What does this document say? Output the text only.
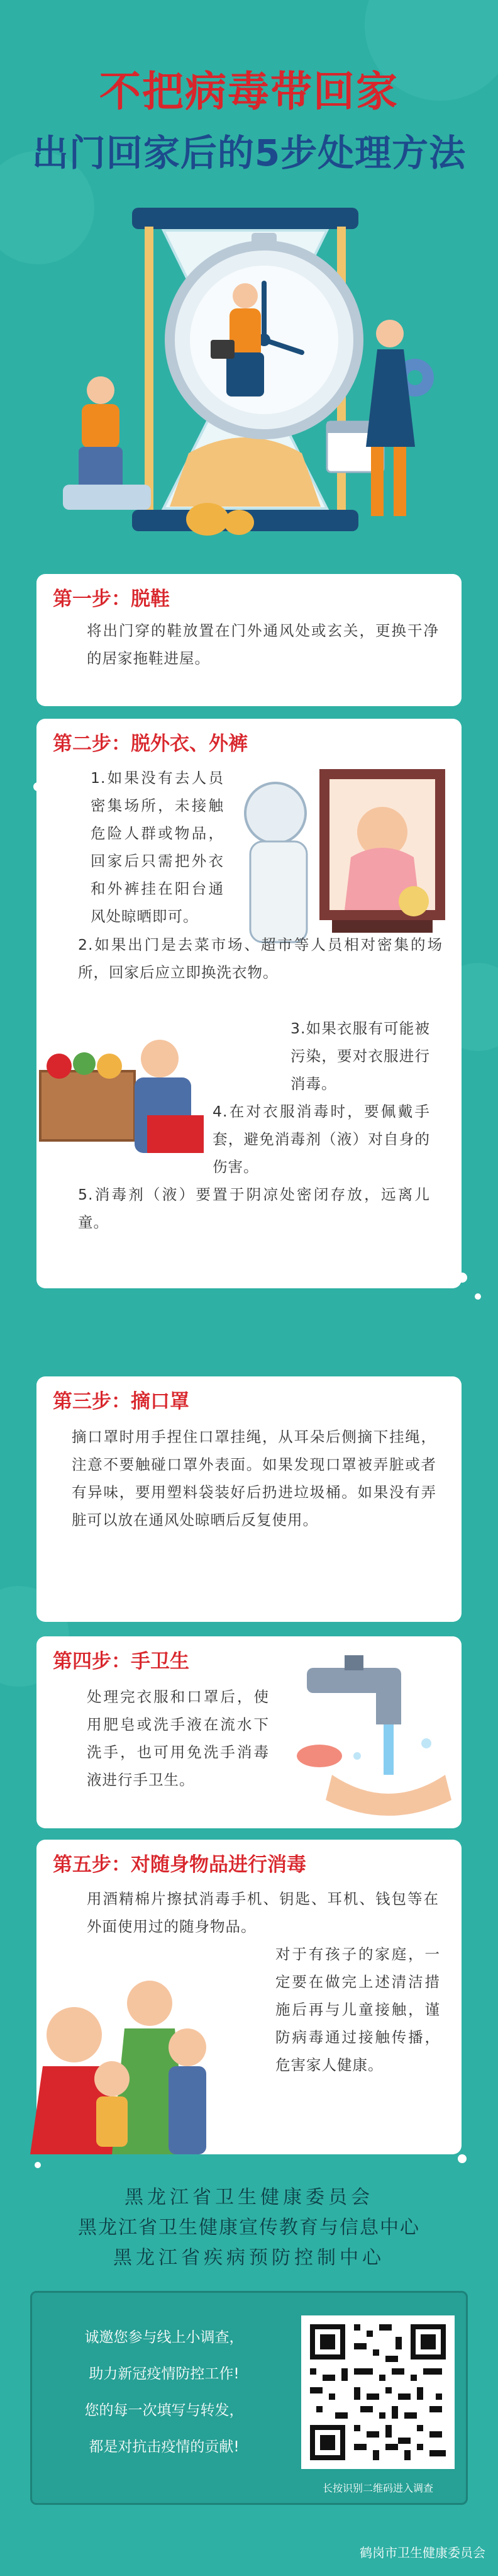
不把病毒带回家
出门回家后的5步处理方法
第一步：脱鞋
将出门穿的鞋放置在门外通风处或玄关，更换干净的居家拖鞋进屋。
第二步：脱外衣、外裤
1.如果没有去人员密集场所，未接触危险人群或物品，回家后只需把外衣和外裤挂在阳台通风处晾晒即可。
2.如果出门是去菜市场、超市等人员相对密集的场所，回家后应立即换洗衣物。
3.如果衣服有可能被污染，要对衣服进行消毒。
4.在对衣服消毒时，要佩戴手套，避免消毒剂（液）对自身的伤害。
5.消毒剂（液）要置于阴凉处密闭存放，远离儿童。
第三步：摘口罩
摘口罩时用手捏住口罩挂绳，从耳朵后侧摘下挂绳，注意不要触碰口罩外表面。如果发现口罩被弄脏或者有异味，要用塑料袋装好后扔进垃圾桶。如果没有弄脏可以放在通风处晾晒后反复使用。
第四步：手卫生
处理完衣服和口罩后，使用肥皂或洗手液在流水下洗手，也可用免洗手消毒液进行手卫生。
第五步：对随身物品进行消毒
用酒精棉片擦拭消毒手机、钥匙、耳机、钱包等在外面使用过的随身物品。
对于有孩子的家庭，一定要在做完上述清洁措施后再与儿童接触，谨防病毒通过接触传播，危害家人健康。
黑龙江省卫生健康委员会
黑龙江省卫生健康宣传教育与信息中心
黑龙江省疾病预防控制中心
诚邀您参与线上小调查，
助力新冠疫情防控工作!
您的每一次填写与转发，
都是对抗击疫情的贡献!
长按识别二维码进入调查
鹤岗市卫生健康委员会
